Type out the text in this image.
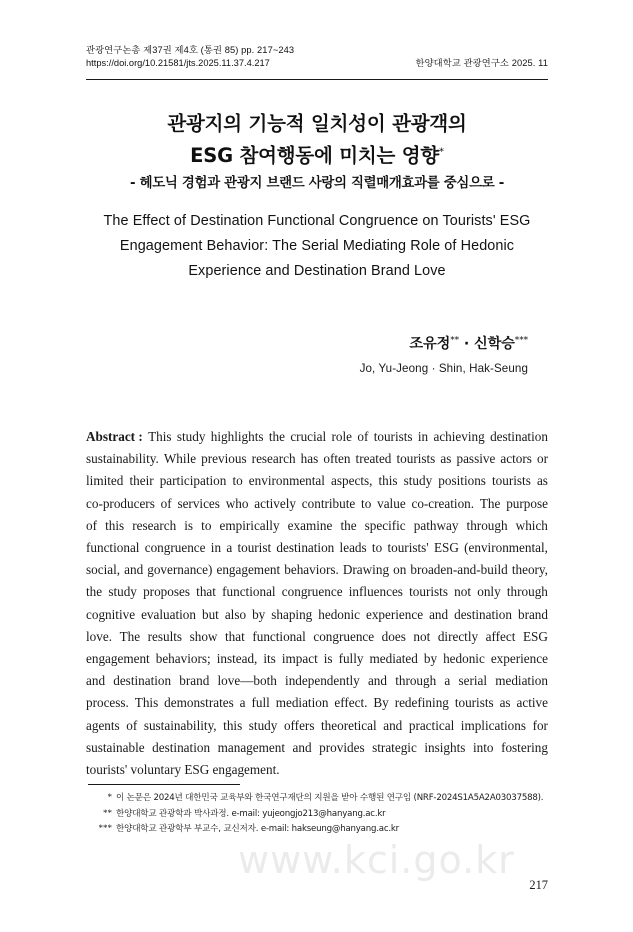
관광연구논총 제37권 제4호 (통권 85) pp. 217~243
https://doi.org/10.21581/jts.2025.11.37.4.217	한양대학교 관광연구소 2025. 11
관광지의 기능적 일치성이 관광객의
ESG 참여행동에 미치는 영향*
- 헤도닉 경험과 관광지 브랜드 사랑의 직렬매개효과를 중심으로 -
The Effect of Destination Functional Congruence on Tourists' ESG
Engagement Behavior: The Serial Mediating Role of Hedonic
Experience and Destination Brand Love
조유정** · 신학승***
Jo, Yu-Jeong · Shin, Hak-Seung
Abstract : This study highlights the crucial role of tourists in achieving destination
sustainability. While previous research has often treated tourists as passive actors or
limited their participation to environmental aspects, this study positions tourists as
co-producers of services who actively contribute to value co-creation. The purpose
of this research is to empirically examine the specific pathway through which
functional congruence in a tourist destination leads to tourists' ESG (environmental,
social, and governance) engagement behaviors. Drawing on broaden-and-build theory,
the study proposes that functional congruence influences tourists not only through
cognitive evaluation but also by shaping hedonic experience and destination brand
love. The results show that functional congruence does not directly affect ESG
engagement behaviors; instead, its impact is fully mediated by hedonic experience
and destination brand love—both independently and through a serial mediation
process. This demonstrates a full mediation effect. By redefining tourists as active
agents of sustainability, this study offers theoretical and practical implications for
sustainable destination management and provides strategic insights into fostering
tourists' voluntary ESG engagement.
* 이 논문은 2024년 대한민국 교육부와 한국연구재단의 지원을 받아 수행된 연구임 (NRF-2024S1A5A2A03037588).
** 한양대학교 관광학과 박사과정. e-mail: yujeongjo213@hanyang.ac.kr
*** 한양대학교 관광학부 부교수, 교신저자. e-mail: hakseung@hanyang.ac.kr
www.kci.go.kr
217
